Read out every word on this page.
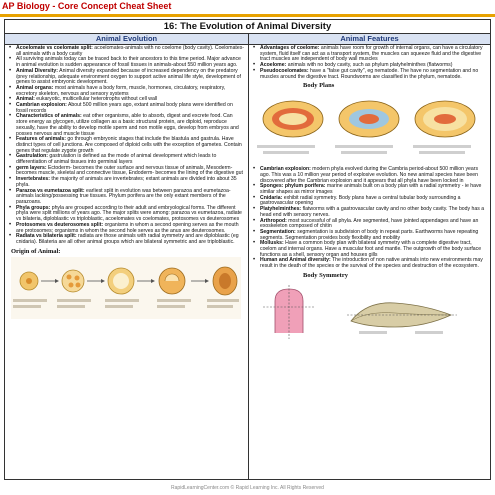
AP Biology - Core Concept Cheat Sheet
16: The Evolution of Animal Diversity
Animal Evolution
• Acoelomate vs coelomate split: acoelomates-animals with no coelome (body cavity). Coelomates-all animals with a body cavity
• All surviving animals today can be traced back to their ancestors to this time period. Major advance in animal evolution is sudden appearance of fossil tissues in animals-about 550 million years ago.
• Animal Diversity: Animal diversity expanded because of increased dependency on the predatory /prey relationship, adequate environment oxygen to support active animal life style, development of genes to assist embryonic development.
• Animal organs: most animals have a body form, muscle, hormones, circulatory, respiratory, excretory skeleton, nervous and sensory systems
• Animal: eukaryotic, multicellular heterotrophs without cell wall
• Cambrian explosion: About 500 million years ago, extant animal body plans were identified on fossil records
• Characteristics of animals: eat other organisms, able to absorb, digest and excrete food. Can store energy as glycogen, utilize collagen as a basic structural protein, are diploid, reproduce sexually, have the ability to develop motile sperm and non motile eggs, develop from embryos and posses nervous and muscle tissue
• Features of animals: go through embryonic stages that include the blastula and gastrula. Have distinct types of cell junctions. Are composed of diploid cells with the exception of gametes. Contain genes that regulate zygote growth
• Gastrulation: gastrulation is defined as the mode of animal development which leads to differentiation of animal tissues into germinal layers
• germ layers: Ectoderm- becomes the outer surface and nervous tissue of animals, Mesoderm-becomes muscle, skeletal and connective tissue, Endoderm- becomes the lining of the digestive gut
• Invertebrates: the majority of animals are invertebrates; extant animals are divided into about 35 phyla.
• Parazoa vs eumetazoa split: earliest split in evolution was between parazoa and eumetazoa- animals lacking/possessing true tissues. Phylum porifera are the only extant members of the parazoans.
• Phyla groups: phyla are grouped according to their adult and embryological forms. The different phyla were split millions of years ago. The major splits were among: parazoa vs eumetazoa, radiate vs bilateria, diploblastic vs triploblastic, acoelomates vs coelomates, protosomes vs deuterosomes
• Protosomes vs deuterosomes split: organisms in whom a second opening serves as the mouth are protosomes; organisms in whom the second hole serves as the anus are deuterosomes.
• Radiata vs bilateria split: radiata are those animals with radial symmetry and are diploblastic (eg cnidaria). Bilateria are all other animal groups which are bilateral symmetric and are triploblastic.
Origin of Animal:
Animal Features
• Advantages of coelome: animals have room for growth of internal organs, can have a circulatory system, fluid itself can act as a transport system, the muscles can squeeze fluid and the digestive tract muscles are independent of body wall muscles
• Acoelome: animals with no body cavity, such as phylum platyhelminthes (flatworms)
• Pseudocoelomates: have a "false gut cavity", eg nematode. The have no segmentation and no muscles around the digestive tract. Roundworms are classified in the phylum, nematode.
Body Plans
• Cambrian explosion: modern phyla evolved during the Cambria period-about 500 million years ago. This was a 10 million year period of explosive evolution. No new animal species have been discovered after the Cambrian explosion and it appears that all phyla have been locked in
• Sponges: phylum porifera: marine animals built on a body plan with a radial symmetry - ie have similar shapes as mirror images
• Cnidaria: exhibit radial symmetry. Body plans have a central tubular body surrounding a gastrovascular opening
• Platyhelminthes: flatworms with a gastrovascular cavity and no other body cavity. The body has a head end with sensory nerves.
• Arthropod: most successful of all phyla. Are segmented, have jointed appendages and have an exoskeleton composed of chitin
• Segmentation: segmentation is subdivision of body in repeat parts. Earthworms have repeating segments. Segmentation provides body flexibility and mobility
• Mollusks: Have a common body plan with bilateral symmetry with a complete digestive tract, coelom and internal organs. Have a muscular foot and mantle. The outgrowth of the body surface functions as a shell, sensory organ and houses gills
• Human and Animal diversity: The introduction of non native animals into new environments may result in the death of the species or the survival of the species and destruction of the ecosystem.
Body Symmetry
RapidLearningCenter.com © Rapid Learning Inc. All Rights Reserved
